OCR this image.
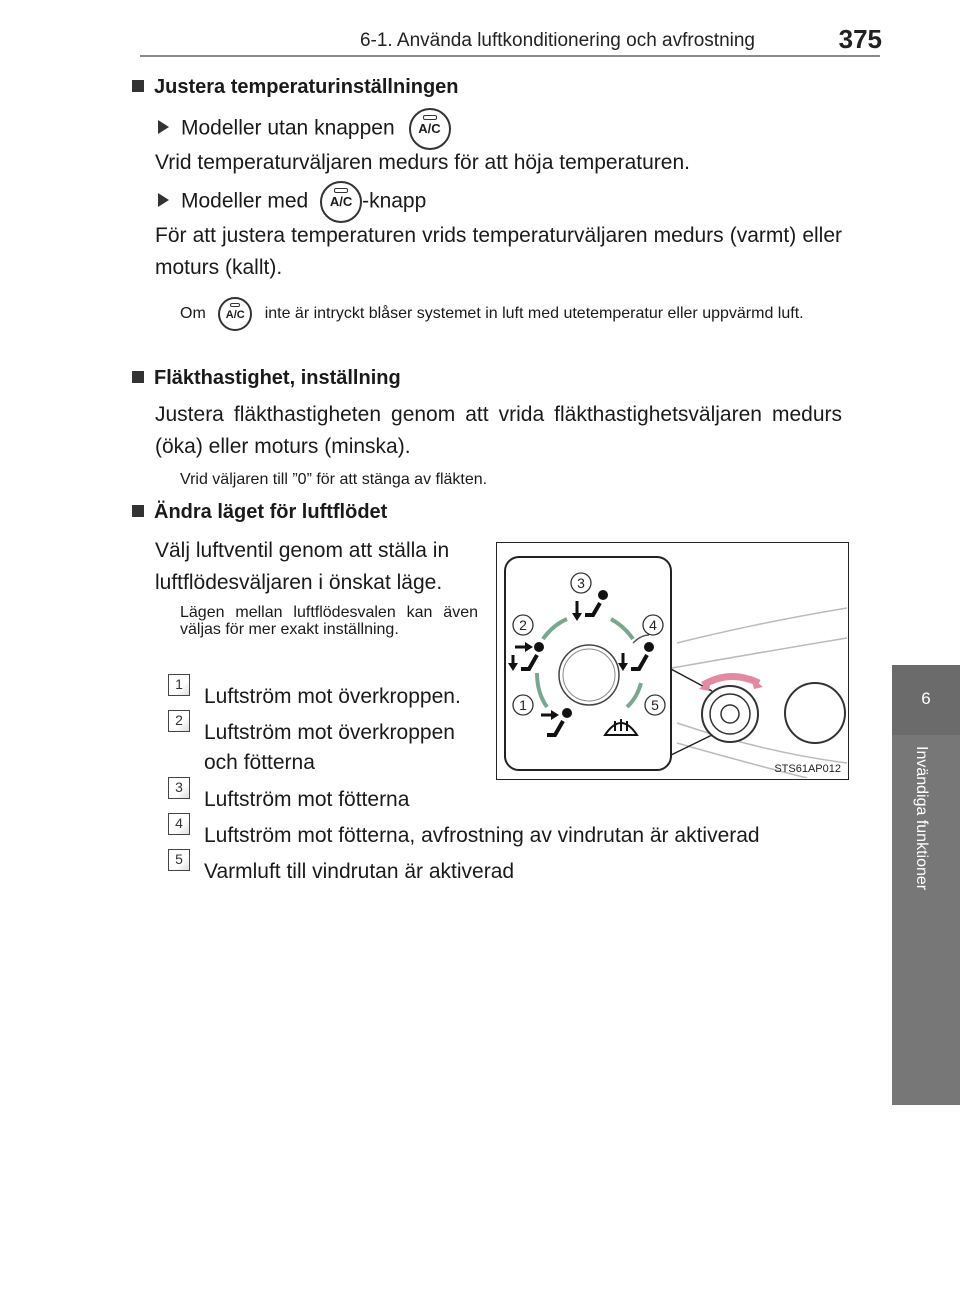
6-1. Använda luftkonditionering och avfrostning	375
6
Invändiga funktioner
Justera temperaturinställningen
Modeller utan knappen A/C
Vrid temperaturväljaren medurs för att höja temperaturen.
Modeller med A/C -knapp
För att justera temperaturen vrids temperaturväljaren medurs (varmt) eller moturs (kallt).
Om A/C inte är intryckt blåser systemet in luft med utetemperatur eller uppvärmd luft.
Fläkthastighet, inställning
Justera fläkthastigheten genom att vrida fläkthastighetsväljaren medurs (öka) eller moturs (minska).
Vrid väljaren till ”0” för att stänga av fläkten.
Ändra läget för luftflödet
Välj luftventil genom att ställa in luftflödesväljaren i önskat läge.
Lägen mellan luftflödesvalen kan även väljas för mer exakt inställning.
1
Luftström mot överkroppen.
2
Luftström mot överkroppen
och fötterna
3
Luftström mot fötterna
4
Luftström mot fötterna, avfrostning av vindrutan är aktiverad
5
Varmluft till vindrutan är aktiverad
1
2
3
4
5
STS61AP012
